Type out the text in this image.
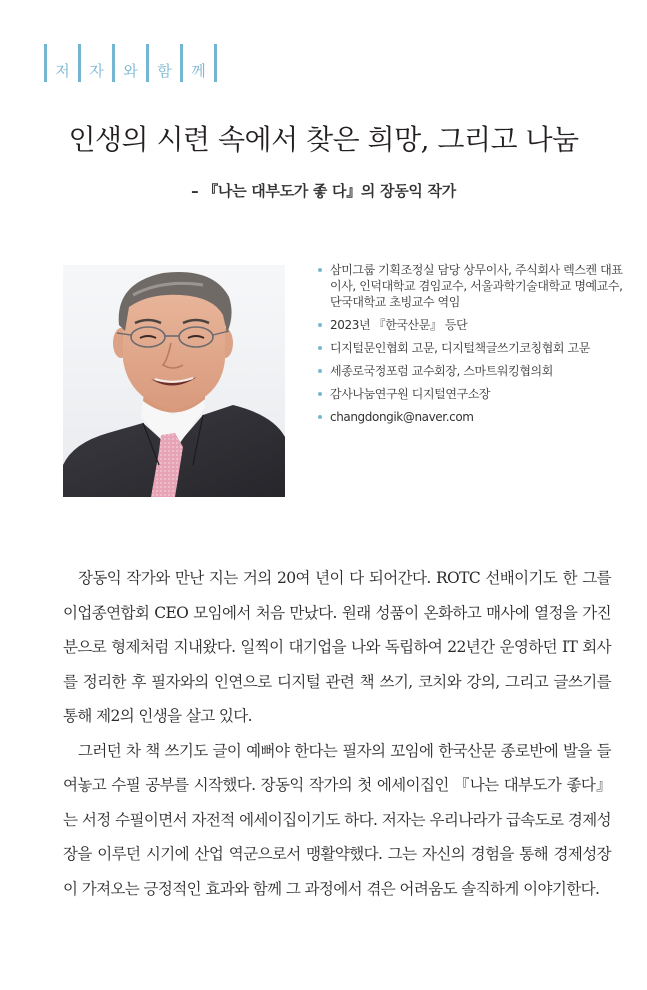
저	자	와	함	께
인생의 시련 속에서 찾은 희망, 그리고 나눔
– 『나는 대부도가 좋 다』의 장동익 작가
삼미그룹 기획조정실 담당 상무이사, 주식회사 렉스켄 대표이사, 인덕대학교 겸임교수, 서울과학기술대학교 명예교수, 단국대학교 초빙교수 역임
2023년 『한국산문』 등단
디지털문인협회 고문, 디지털책글쓰기코칭협회 고문
세종로국정포럼 교수회장, 스마트워킹협의회
감사나눔연구원 디지털연구소장
changdongik@naver.com

장동익 작가와 만난 지는 거의 20여 년이 다 되어간다. ROTC 선배이기도 한 그를 이업종연합회 CEO 모임에서 처음 만났다. 원래 성품이 온화하고 매사에 열정을 가진 분으로 형제처럼 지내왔다. 일찍이 대기업을 나와 독립하여 22년간 운영하던 IT 회사를 정리한 후 필자와의 인연으로 디지털 관련 책 쓰기, 코치와 강의, 그리고 글쓰기를 통해 제2의 인생을 살고 있다.

그러던 차 책 쓰기도 글이 예뻐야 한다는 필자의 꼬임에 한국산문 종로반에 발을 들여놓고 수필 공부를 시작했다. 장동익 작가의 첫 에세이집인 『나는 대부도가 좋다』는 서정 수필이면서 자전적 에세이집이기도 하다. 저자는 우리나라가 급속도로 경제성장을 이루던 시기에 산업 역군으로서 맹활약했다. 그는 자신의 경험을 통해 경제성장이 가져오는 긍정적인 효과와 함께 그 과정에서 겪은 어려움도 솔직하게 이야기한다.
